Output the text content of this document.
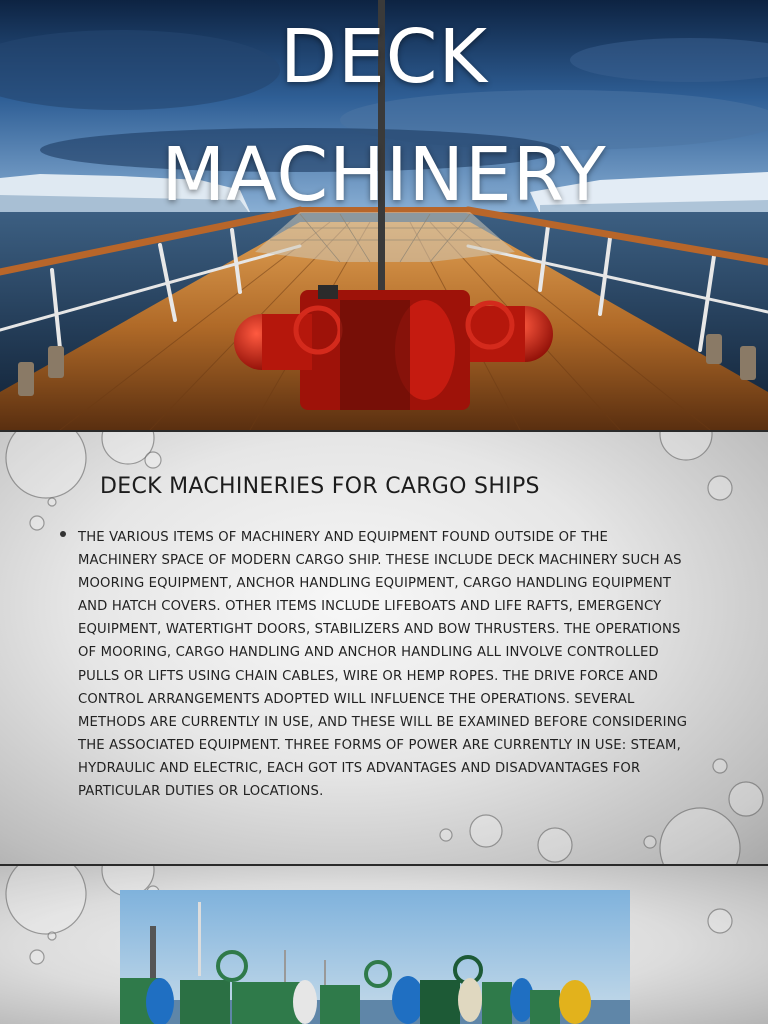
DECK
MACHINERY
DECK MACHINERIES FOR CARGO SHIPS

THE VARIOUS ITEMS OF MACHINERY AND EQUIPMENT FOUND OUTSIDE OF THE MACHINERY SPACE OF MODERN CARGO SHIP. THESE INCLUDE DECK MACHINERY SUCH AS MOORING EQUIPMENT, ANCHOR HANDLING EQUIPMENT, CARGO HANDLING EQUIPMENT AND HATCH COVERS. OTHER ITEMS INCLUDE LIFEBOATS AND LIFE RAFTS, EMERGENCY EQUIPMENT, WATERTIGHT DOORS, STABILIZERS AND BOW THRUSTERS. THE OPERATIONS OF MOORING, CARGO HANDLING AND ANCHOR HANDLING ALL INVOLVE CONTROLLED PULLS OR LIFTS USING CHAIN CABLES, WIRE OR HEMP ROPES. THE DRIVE FORCE AND CONTROL ARRANGEMENTS ADOPTED WILL INFLUENCE THE OPERATIONS. SEVERAL METHODS ARE CURRENTLY IN USE, AND THESE WILL BE EXAMINED BEFORE CONSIDERING THE ASSOCIATED EQUIPMENT. THREE FORMS OF POWER ARE CURRENTLY IN USE: STEAM, HYDRAULIC AND ELECTRIC, EACH GOT ITS ADVANTAGES AND DISADVANTAGES FOR PARTICULAR DUTIES OR LOCATIONS.
